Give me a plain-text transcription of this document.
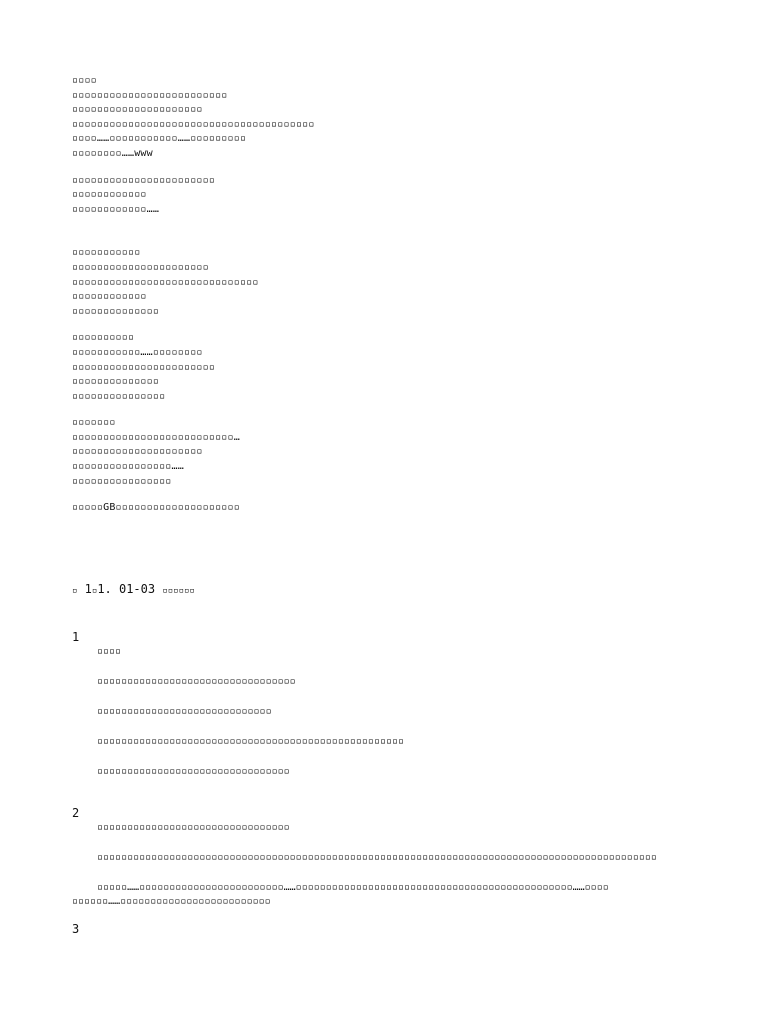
▫▫▫▫

▫▫▫▫▫▫▫▫▫▫▫▫▫▫▫▫▫▫▫▫▫▫▫▫▫

▫▫▫▫▫▫▫▫▫▫▫▫▫▫▫▫▫▫▫▫▫

▫▫▫▫▫▫▫▫▫▫▫▫▫▫▫▫▫▫▫▫▫▫▫▫▫▫▫▫▫▫▫▫▫▫▫▫▫▫▫

▫▫▫▫……▫▫▫▫▫▫▫▫▫▫▫……▫▫▫▫▫▫▫▫▫

▫▫▫▫▫▫▫▫……www

▫▫▫▫▫▫▫▫▫▫▫▫▫▫▫▫▫▫▫▫▫▫▫

▫▫▫▫▫▫▫▫▫▫▫▫

▫▫▫▫▫▫▫▫▫▫▫▫……

▫▫▫▫▫▫▫▫▫▫▫

▫▫▫▫▫▫▫▫▫▫▫▫▫▫▫▫▫▫▫▫▫▫

▫▫▫▫▫▫▫▫▫▫▫▫▫▫▫▫▫▫▫▫▫▫▫▫▫▫▫▫▫▫

▫▫▫▫▫▫▫▫▫▫▫▫

▫▫▫▫▫▫▫▫▫▫▫▫▫▫

▫▫▫▫▫▫▫▫▫▫

▫▫▫▫▫▫▫▫▫▫▫……▫▫▫▫▫▫▫▫

▫▫▫▫▫▫▫▫▫▫▫▫▫▫▫▫▫▫▫▫▫▫▫

▫▫▫▫▫▫▫▫▫▫▫▫▫▫

▫▫▫▫▫▫▫▫▫▫▫▫▫▫▫

▫▫▫▫▫▫▫

▫▫▫▫▫▫▫▫▫▫▫▫▫▫▫▫▫▫▫▫▫▫▫▫▫▫…

▫▫▫▫▫▫▫▫▫▫▫▫▫▫▫▫▫▫▫▫▫

▫▫▫▫▫▫▫▫▫▫▫▫▫▫▫▫……

▫▫▫▫▫▫▫▫▫▫▫▫▫▫▫▫

▫▫▫▫▫GB▫▫▫▫▫▫▫▫▫▫▫▫▫▫▫▫▫▫▫▫

▫ 1▫1. 01-03 ▫▫▫▫▫▫
1
▫▫▫▫
▫▫▫▫▫▫▫▫▫▫▫▫▫▫▫▫▫▫▫▫▫▫▫▫▫▫▫▫▫▫▫▫▫
▫▫▫▫▫▫▫▫▫▫▫▫▫▫▫▫▫▫▫▫▫▫▫▫▫▫▫▫▫
▫▫▫▫▫▫▫▫▫▫▫▫▫▫▫▫▫▫▫▫▫▫▫▫▫▫▫▫▫▫▫▫▫▫▫▫▫▫▫▫▫▫▫▫▫▫▫▫▫▫▫
▫▫▫▫▫▫▫▫▫▫▫▫▫▫▫▫▫▫▫▫▫▫▫▫▫▫▫▫▫▫▫▫
2
▫▫▫▫▫▫▫▫▫▫▫▫▫▫▫▫▫▫▫▫▫▫▫▫▫▫▫▫▫▫▫▫
▫▫▫▫▫▫▫▫▫▫▫▫▫▫▫▫▫▫▫▫▫▫▫▫▫▫▫▫▫▫▫▫▫▫▫▫▫▫▫▫▫▫▫▫▫▫▫▫▫▫▫▫▫▫▫▫▫▫▫▫▫▫▫▫▫▫▫▫▫▫▫▫▫▫▫▫▫▫▫▫▫▫▫▫▫▫▫▫▫▫▫▫▫
▫▫▫▫▫……▫▫▫▫▫▫▫▫▫▫▫▫▫▫▫▫▫▫▫▫▫▫▫▫……▫▫▫▫▫▫▫▫▫▫▫▫▫▫▫▫▫▫▫▫▫▫▫▫▫▫▫▫▫▫▫▫▫▫▫▫▫▫▫▫▫▫▫▫▫▫……▫▫▫▫
▫▫▫▫▫▫……▫▫▫▫▫▫▫▫▫▫▫▫▫▫▫▫▫▫▫▫▫▫▫▫▫
3
